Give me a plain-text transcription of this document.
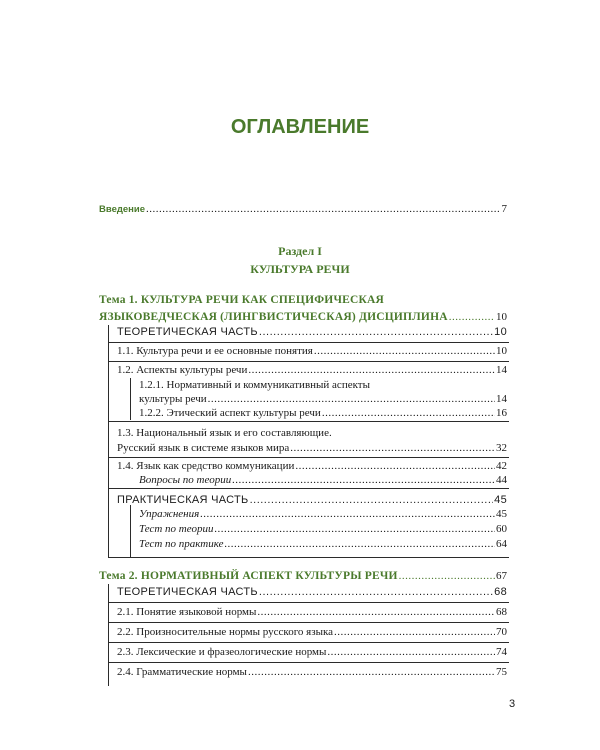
ОГЛАВЛЕНИЕ
Введение .....	7
Раздел I
КУЛЬТУРА РЕЧИ
Тема 1. КУЛЬТУРА РЕЧИ КАК СПЕЦИФИЧЕСКАЯ
ЯЗЫКОВЕДЧЕСКАЯ (ЛИНГВИСТИЧЕСКАЯ) ДИСЦИПЛИНА .....	10
ТЕОРЕТИЧЕСКАЯ ЧАСТЬ .....	10
1.1. Культура речи и ее основные понятия .....	10
1.2. Аспекты культуры речи .....	14
1.2.1. Нормативный и коммуникативный аспекты
культуры речи .....	14
1.2.2. Этический аспект культуры речи .....	16
1.3. Национальный язык и его составляющие.
Русский язык в системе языков мира .....	32
1.4. Язык как средство коммуникации .....	42
Вопросы по теории .....	44
ПРАКТИЧЕСКАЯ ЧАСТЬ .....	45
Упражнения .....	45
Тест по теории .....	60
Тест по практике .....	64
Тема 2. НОРМАТИВНЫЙ АСПЕКТ КУЛЬТУРЫ РЕЧИ .....	67
ТЕОРЕТИЧЕСКАЯ ЧАСТЬ .....	68
2.1. Понятие языковой нормы .....	68
2.2. Произносительные нормы русского языка .....	70
2.3. Лексические и фразеологические нормы .....	74
2.4. Грамматические нормы .....	75
3
